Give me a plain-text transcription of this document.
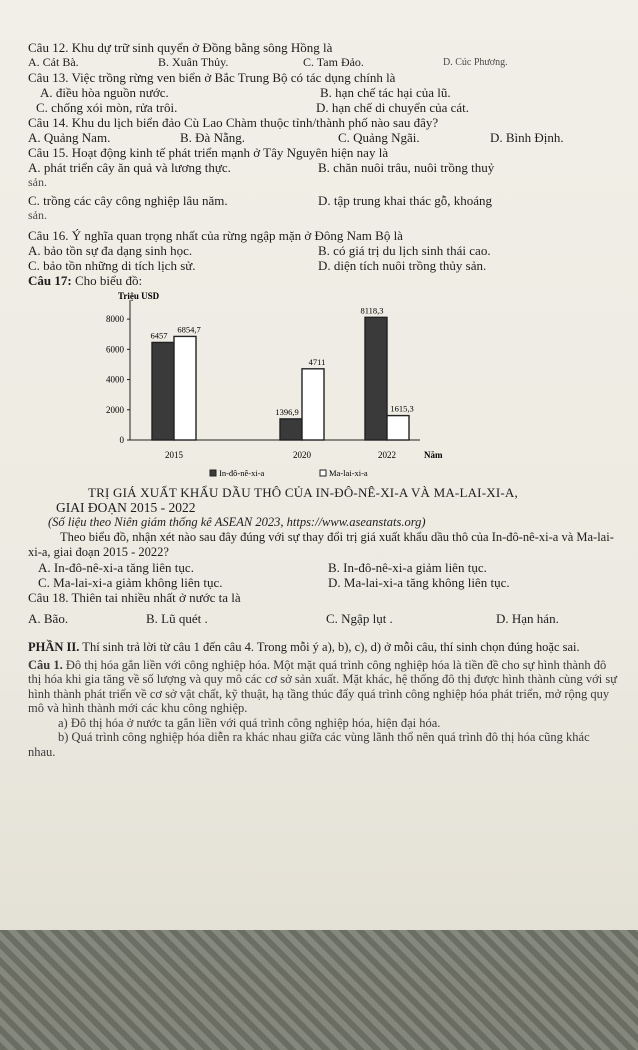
Câu 12. Khu dự trữ sinh quyển ở Đồng bằng sông Hồng là

A. Cát Bà.	B. Xuân Thủy.	C. Tam Đảo.	D. Cúc Phương.

Câu 13. Việc trồng rừng ven biển ở Bắc Trung Bộ có tác dụng chính là

A. điều hòa nguồn nước.	B. hạn chế tác hại của lũ.
C. chống xói mòn, rửa trôi.	D. hạn chế di chuyển của cát.

Câu 14. Khu du lịch biển đảo Cù Lao Chàm thuộc tỉnh/thành phố nào sau đây?

A. Quảng Nam.	B. Đà Nẵng.	C. Quảng Ngãi.	D. Bình Định.

Câu 15. Hoạt động kinh tế phát triển mạnh ở Tây Nguyên hiện nay là

A. phát triển cây ăn quả và lương thực.	B. chăn nuôi trâu, nuôi trồng thuỷ
sản.
C. trồng các cây công nghiệp lâu năm.	D. tập trung khai thác gỗ, khoáng
sản.

Câu 16. Ý nghĩa quan trọng nhất của rừng ngập mặn ở Đông Nam Bộ là

A. bảo tồn sự đa dạng sinh học.	B. có giá trị du lịch sinh thái cao.
C. bảo tồn những di tích lịch sử.	D. diện tích nuôi trồng thủy sản.

Câu 17: Cho biểu đồ:

Triệu USD
Năm
0
2000
4000
6000
8000
6457
6854,7
2015
1396,9
4711
2020
8118,3
1615,3
2022
In-đô-nê-xi-a	Ma-lai-xi-a

TRỊ GIÁ XUẤT KHẨU DẦU THÔ CỦA IN-ĐÔ-NÊ-XI-A VÀ MA-LAI-XI-A,

GIAI ĐOẠN 2015 - 2022

(Số liệu theo Niên giám thống kê ASEAN 2023, https://www.aseanstats.org)

Theo biểu đồ, nhận xét nào sau đây đúng với sự thay đổi trị giá xuất khẩu dầu thô của In-đô-nê-xi-a và Ma-lai-xi-a, giai đoạn 2015 - 2022?

A. In-đô-nê-xi-a tăng liên tục.	B. In-đô-nê-xi-a giảm liên tục.
C. Ma-lai-xi-a giảm không liên tục.	D. Ma-lai-xi-a tăng không liên tục.

Câu 18. Thiên tai nhiều nhất ở nước ta là

A. Bão.	B. Lũ quét .	C. Ngập lụt .	D. Hạn hán.

PHẦN II. Thí sinh trả lời từ câu 1 đến câu 4. Trong mỗi ý a), b), c), d) ở mỗi câu, thí sinh chọn đúng hoặc sai.

Câu 1. Đô thị hóa gắn liền với công nghiệp hóa. Một mặt quá trình công nghiệp hóa là tiền đề cho sự hình thành đô thị hóa khi gia tăng về số lượng và quy mô các cơ sở sản xuất. Mặt khác, hệ thống đô thị được hình thành cùng với sự hình thành phát triển về cơ sở vật chất, kỹ thuật, hạ tầng thúc đẩy quá trình công nghiệp hóa phát triển, mở rộng quy mô và hình thành mới các khu công nghiệp.

a) Đô thị hóa ở nước ta gắn liền với quá trình công nghiệp hóa, hiện đại hóa.

b) Quá trình công nghiệp hóa diễn ra khác nhau giữa các vùng lãnh thổ nên quá trình đô thị hóa cũng khác nhau.
